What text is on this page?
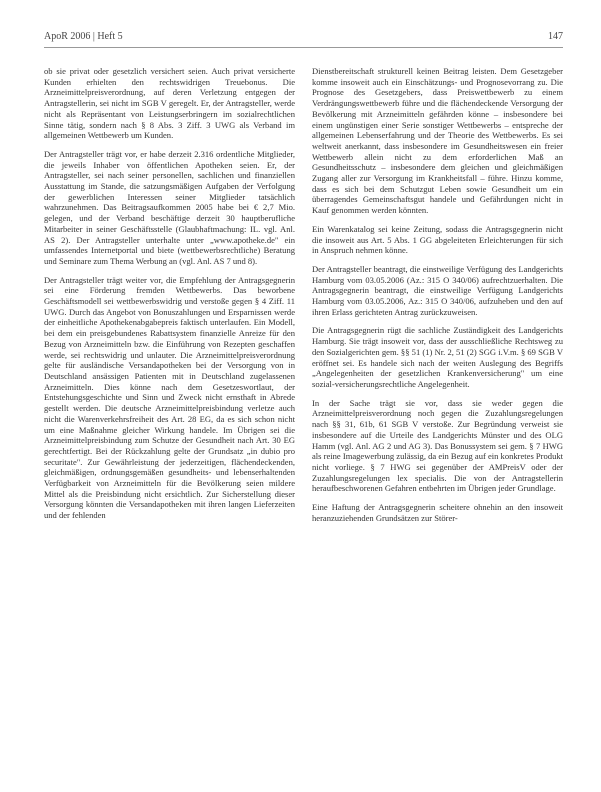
ApoR 2006 | Heft 5	147

ob sie privat oder gesetzlich versichert seien. Auch privat versicherte Kunden erhielten den rechtswidrigen Treuebonus. Die Arzneimittelpreisverordnung, auf deren Verletzung entgegen der Antragstellerin, sei nicht im SGB V geregelt. Er, der Antragsteller, werde nicht als Repräsentant von Leistungserbringern im sozialrechtlichen Sinne tätig, sondern nach § 8 Abs. 3 Ziff. 3 UWG als Verband im allgemeinen Wettbewerb um Kunden.

Der Antragsteller trägt vor, er habe derzeit 2.316 ordentliche Mitglieder, die jeweils Inhaber von öffentlichen Apotheken seien. Er, der Antragsteller, sei nach seiner personellen, sachlichen und finanziellen Ausstattung im Stande, die satzungsmäßigen Aufgaben der Verfolgung der gewerblichen Interessen seiner Mitglieder tatsächlich wahrzunehmen. Das Beitragsaufkommen 2005 habe bei € 2,7 Mio. gelegen, und der Verband beschäftige derzeit 30 hauptberufliche Mitarbeiter in seiner Geschäftsstelle (Glaubhaftmachung: IL. vgl. Anl. AS 2). Der Antragsteller unterhalte unter „www.apotheke.de" ein umfassendes Internetportal und biete (wettbewerbsrechtliche) Beratung und Seminare zum Thema Werbung an (vgl. Anl. AS 7 und 8).

Der Antragsteller trägt weiter vor, die Empfehlung der Antragsgegnerin sei eine Förderung fremden Wettbewerbs. Das beworbene Geschäftsmodell sei wettbewerbswidrig und verstoße gegen § 4 Ziff. 11 UWG. Durch das Angebot von Bonuszahlungen und Ersparnissen werde der einheitliche Apothekenabgabepreis faktisch unterlaufen. Ein Modell, bei dem ein preisgebundenes Rabattsystem finanzielle Anreize für den Bezug von Arzneimitteln bzw. die Einführung von Rezepten geschaffen werde, sei rechtswidrig und unlauter. Die Arzneimittelpreisverordnung gelte für ausländische Versandapotheken bei der Versorgung von in Deutschland ansässigen Patienten mit in Deutschland zugelassenen Arzneimitteln. Dies könne nach dem Gesetzeswortlaut, der Entstehungsgeschichte und Sinn und Zweck nicht ernsthaft in Abrede gestellt werden. Die deutsche Arzneimittelpreisbindung verletze auch nicht die Warenverkehrsfreiheit des Art. 28 EG, da es sich schon nicht um eine Maßnahme gleicher Wirkung handele. Im Übrigen sei die Arzneimittelpreisbindung zum Schutze der Gesundheit nach Art. 30 EG gerechtfertigt. Bei der Rückzahlung gelte der Grundsatz „in dubio pro securitate". Zur Gewährleistung der jederzeitigen, flächendeckenden, gleichmäßigen, ordnungsgemäßen gesundheits- und lebenserhaltenden Verfügbarkeit von Arzneimitteln für die Bevölkerung seien mildere Mittel als die Preisbindung nicht ersichtlich. Zur Sicherstellung dieser Versorgung könnten die Versandapotheken mit ihren langen Lieferzeiten und der fehlenden

Dienstbereitschaft strukturell keinen Beitrag leisten. Dem Gesetzgeber komme insoweit auch ein Einschätzungs- und Prognosevorrang zu. Die Prognose des Gesetzgebers, dass Preiswettbewerb zu einem Verdrängungswettbewerb führe und die flächendeckende Versorgung der Bevölkerung mit Arzneimitteln gefährden könne – insbesondere bei einem ungünstigen einer Serie sonstiger Wettbewerbs – entspreche der allgemeinen Lebenserfahrung und der Theorie des Wettbewerbs. Es sei weltweit anerkannt, dass insbesondere im Gesundheitswesen ein freier Wettbewerb allein nicht zu dem erforderlichen Maß an Gesundheitsschutz – insbesondere dem gleichen und gleichmäßigen Zugang aller zur Versorgung im Krankheitsfall – führe. Hinzu komme, dass es sich bei dem Schutzgut Leben sowie Gesundheit um ein überragendes Gemeinschaftsgut handele und Gefährdungen nicht in Kauf genommen werden könnten.

Ein Warenkatalog sei keine Zeitung, sodass die Antragsgegnerin nicht die insoweit aus Art. 5 Abs. 1 GG abgeleiteten Erleichterungen für sich in Anspruch nehmen könne.

Der Antragsteller beantragt, die einstweilige Verfügung des Landgerichts Hamburg vom 03.05.2006 (Az.: 315 O 340/06) aufrechtzuerhalten. Die Antragsgegnerin beantragt, die einstweilige Verfügung Landgerichts Hamburg vom 03.05.2006, Az.: 315 O 340/06, aufzuheben und den auf ihren Erlass gerichteten Antrag zurückzuweisen.

Die Antragsgegnerin rügt die sachliche Zuständigkeit des Landgerichts Hamburg. Sie trägt insoweit vor, dass der ausschließliche Rechtsweg zu den Sozialgerichten gem. §§ 51 (1) Nr. 2, 51 (2) SGG i.V.m. § 69 SGB V eröffnet sei. Es handele sich nach der weiten Auslegung des Begriffs „Angelegenheiten der gesetzlichen Krankenversicherung" um eine sozial-versicherungsrechtliche Angelegenheit.

In der Sache trägt sie vor, dass sie weder gegen die Arzneimittelpreisverordnung noch gegen die Zuzahlungsregelungen nach §§ 31, 61b, 61 SGB V verstoße. Zur Begründung verweist sie insbesondere auf die Urteile des Landgerichts Münster und des OLG Hamm (vgl. Anl. AG 2 und AG 3). Das Bonussystem sei gem. § 7 HWG als reine Imagewerbung zulässig, da ein Bezug auf ein konkretes Produkt nicht vorliege. § 7 HWG sei gegenüber der AMPreisV oder der Zuzahlungsregelungen lex specialis. Die von der Antragstellerin heraufbeschworenen Gefahren entbehrten im Übrigen jeder Grundlage.

Eine Haftung der Antragsgegnerin scheitere ohnehin an den insoweit heranzuziehenden Grundsätzen zur Störer-
